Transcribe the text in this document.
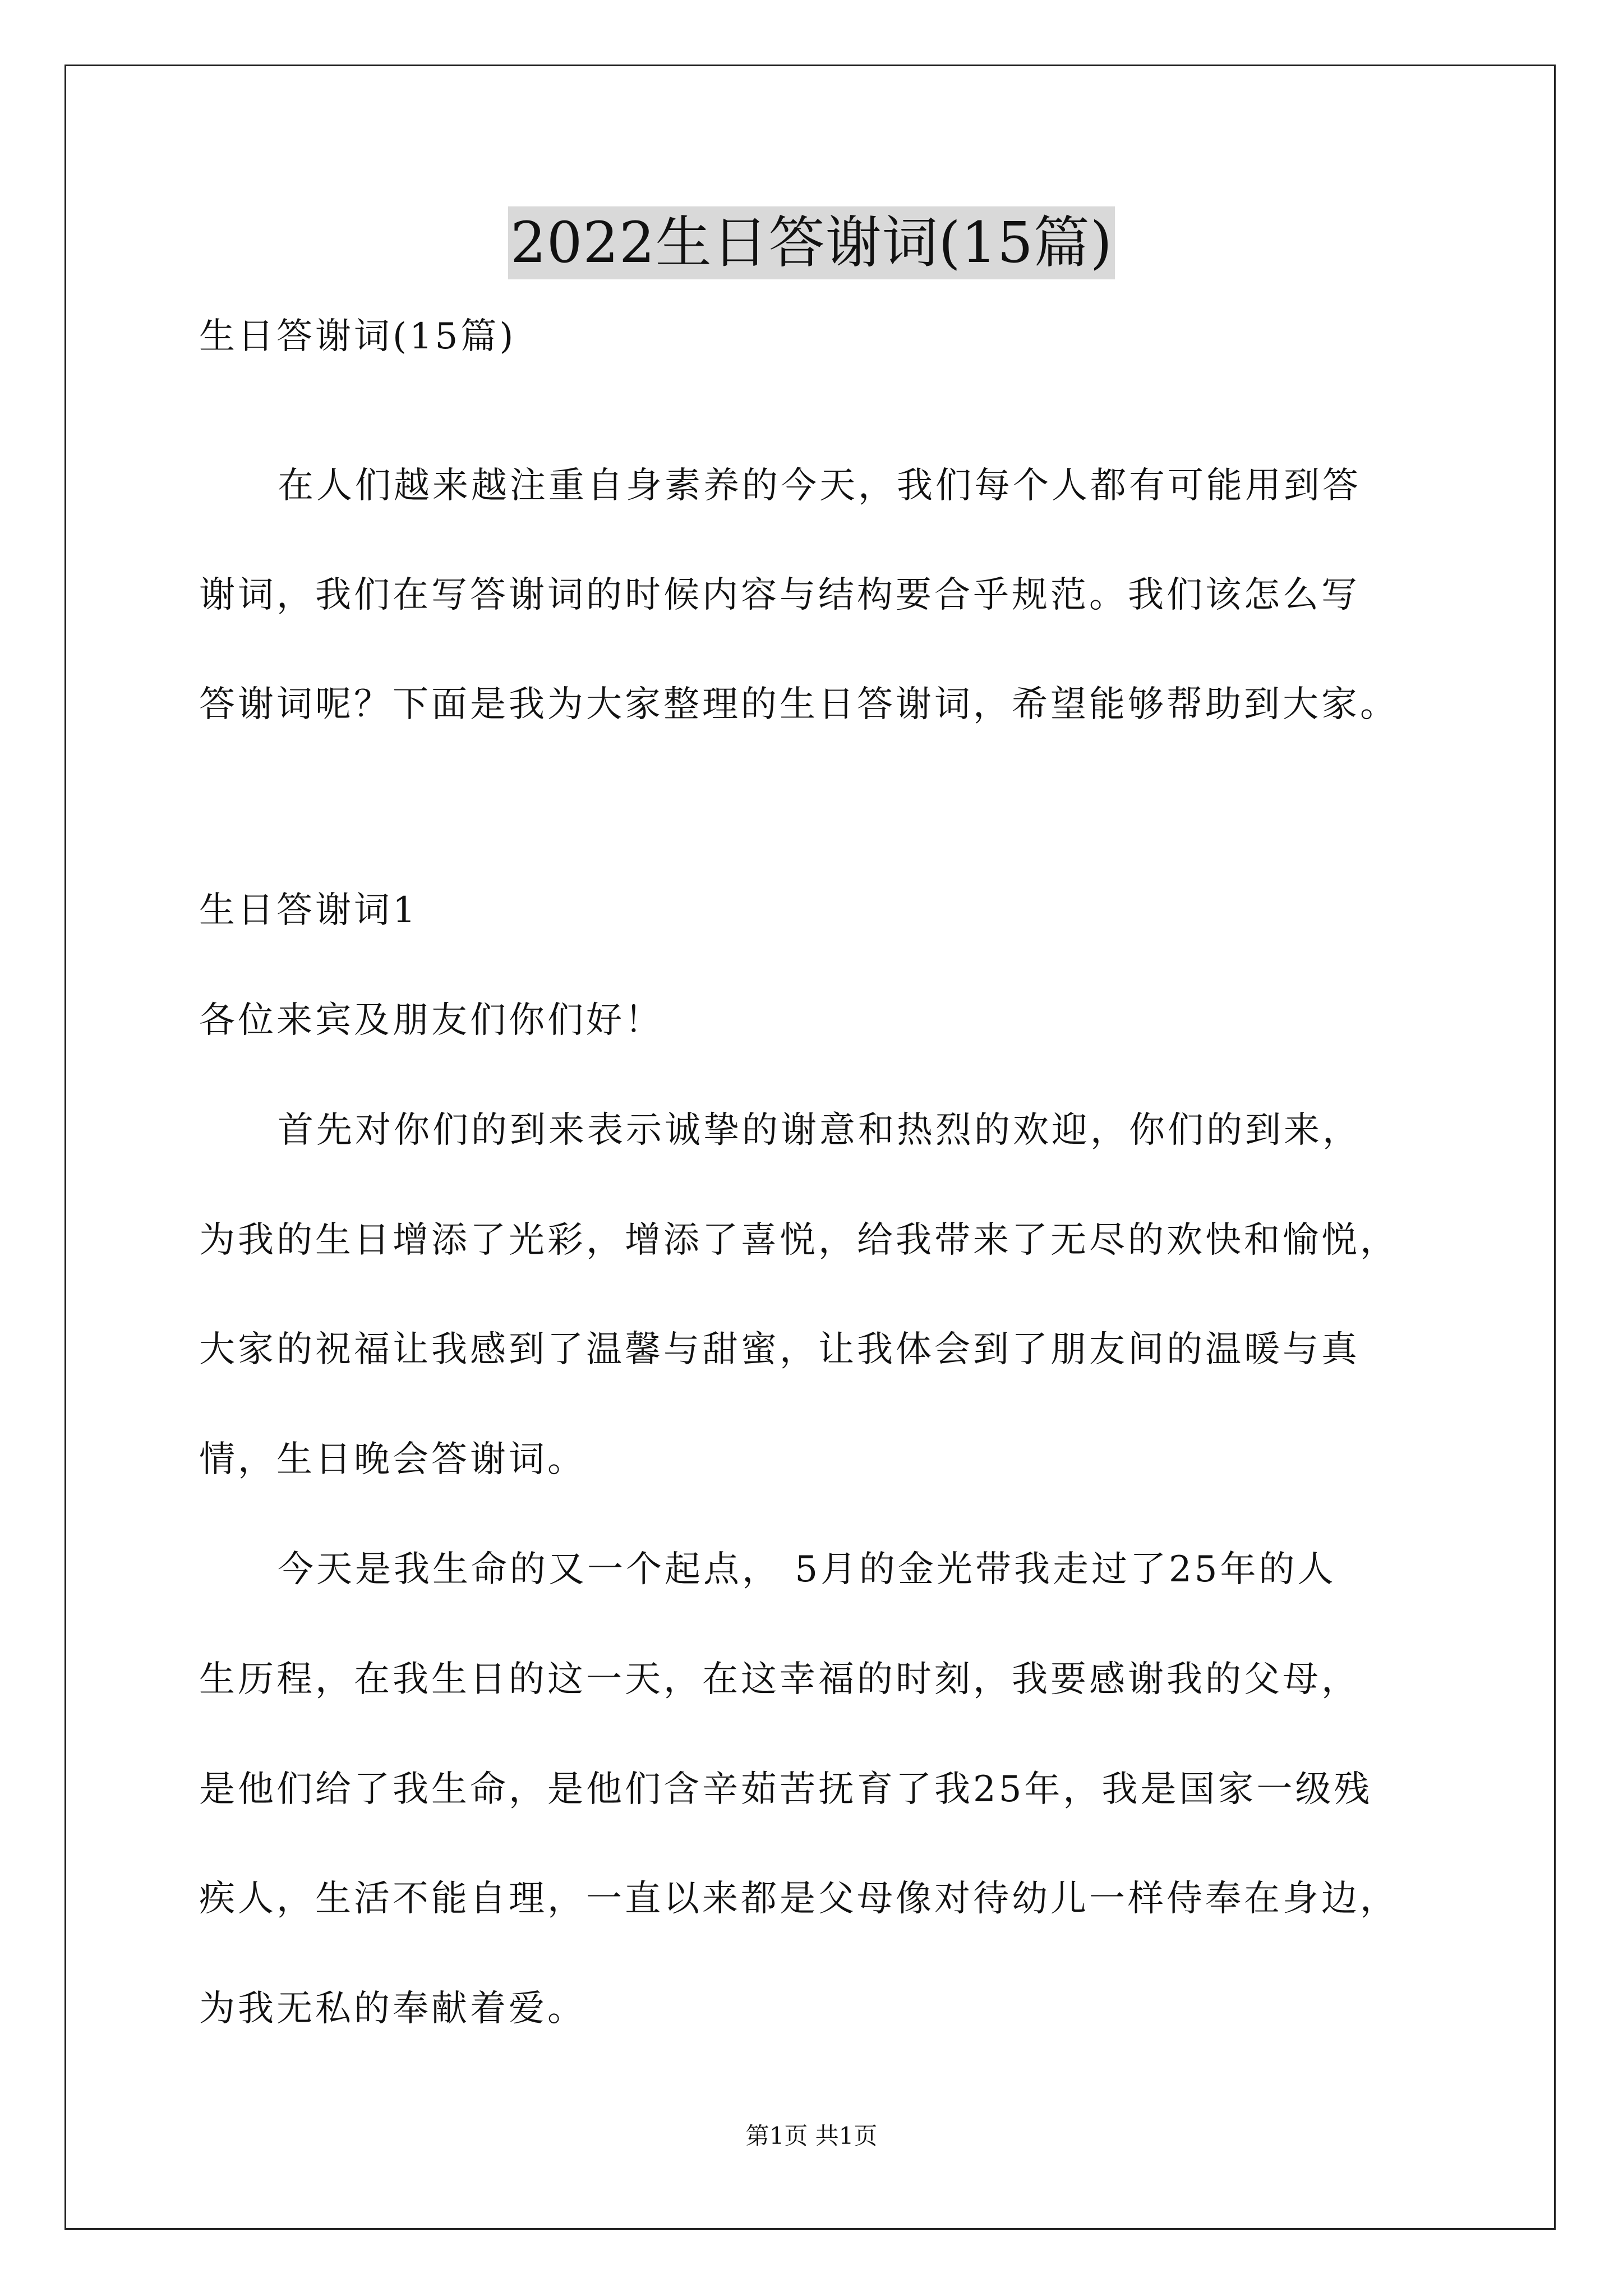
2022生日答谢词(15篇)
生日答谢词(15篇)
在人们越来越注重自身素养的今天，我们每个人都有可能用到答
谢词，我们在写答谢词的时候内容与结构要合乎规范。我们该怎么写
答谢词呢？下面是我为大家整理的生日答谢词，希望能够帮助到大家。
生日答谢词1
各位来宾及朋友们你们好！
首先对你们的到来表示诚挚的谢意和热烈的欢迎，你们的到来，
为我的生日增添了光彩，增添了喜悦，给我带来了无尽的欢快和愉悦，
大家的祝福让我感到了温馨与甜蜜，让我体会到了朋友间的温暖与真
情，生日晚会答谢词。
今天是我生命的又一个起点， 5月的金光带我走过了25年的人
生历程，在我生日的这一天，在这幸福的时刻，我要感谢我的父母，
是他们给了我生命，是他们含辛茹苦抚育了我25年，我是国家一级残
疾人，生活不能自理，一直以来都是父母像对待幼儿一样侍奉在身边，
为我无私的奉献着爱。
第1页 共1页
